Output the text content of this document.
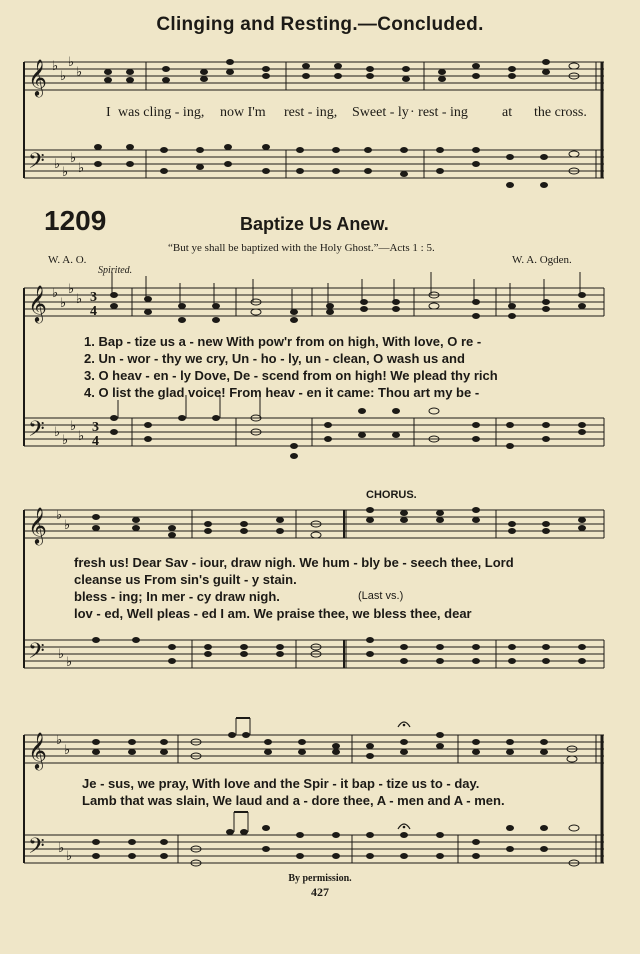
𝄞
𝄢
𝄞
𝄢
𝄞
𝄢
𝄞
𝄢
♭
♭
♭
♭
♭
♭
♭
♭
♭
♭
♭
♭
♭
♭
♭
♭
♭
♭
♭
♭
♭
♭
♭
♭
3
4
3
4
Clinging and Resting.—Concluded.
I was cling - ing, now I'm rest - ing, Sweet - ly · rest - ing at the cross.
1209	Baptize Us Anew.
“But ye shall be baptized with the Holy Ghost.”—Acts 1 : 5.
W. A. O.	W. A. Ogden.
Spirited.
1. Bap - tize us a - new With pow'r from on high, With love, O re -
2. Un - wor - thy we cry, Un - ho - ly, un - clean, O wash us and
3. O heav - en - ly Dove, De - scend from on high! We plead thy rich
4. O list the glad voice! From heav - en it came: Thou art my be -
CHORUS.
fresh us! Dear Sav - iour, draw nigh. We hum - bly be - seech thee, Lord
cleanse us From sin's guilt - y stain.
bless - ing; In mer - cy draw nigh.	(Last vs.)
lov - ed, Well pleas - ed I am. We praise thee, we bless thee, dear
Je - sus, we pray, With love and the Spir - it bap - tize us to - day.
Lamb that was slain, We laud and a - dore thee, A - men and A - men.
By permission.
427
